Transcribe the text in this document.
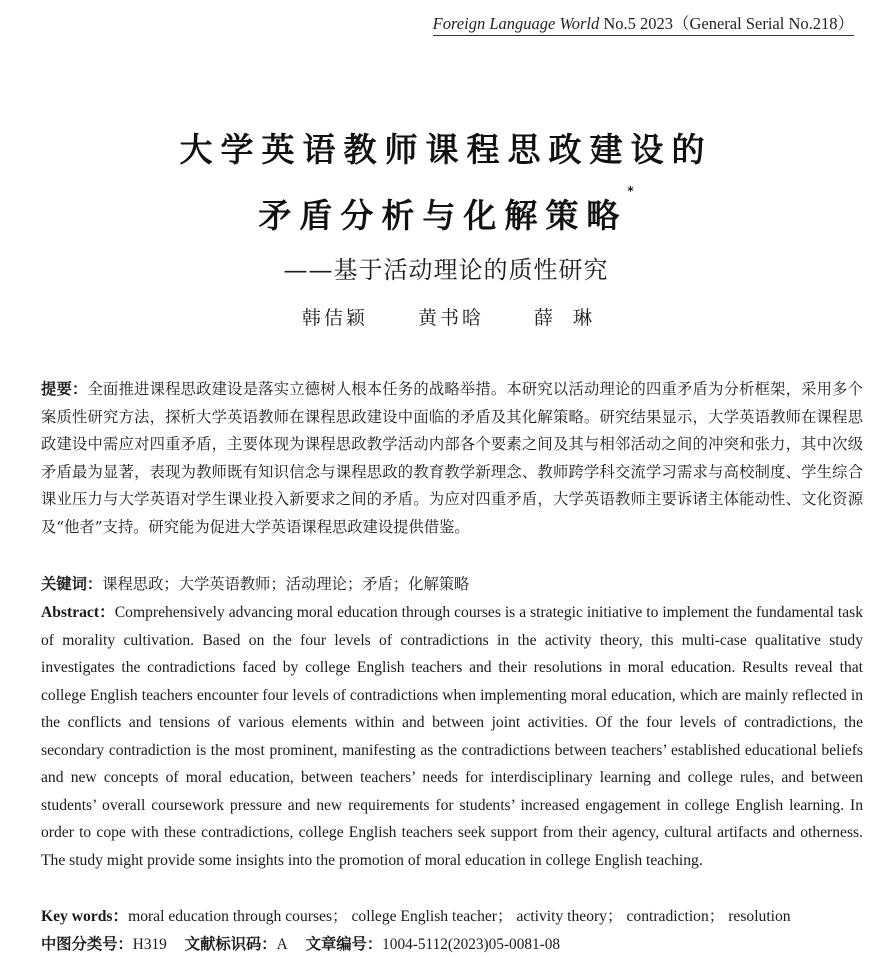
Foreign Language World No.5 2023（General Serial No.218）
大学英语教师课程思政建设的
矛盾分析与化解策略*
——基于活动理论的质性研究
韩佶颖	黄书晗	薛琳
提要：全面推进课程思政建设是落实立德树人根本任务的战略举措。本研究以活动理论的四重矛盾为分析框架，采用多个案质性研究方法，探析大学英语教师在课程思政建设中面临的矛盾及其化解策略。研究结果显示，大学英语教师在课程思政建设中需应对四重矛盾，主要体现为课程思政教学活动内部各个要素之间及其与相邻活动之间的冲突和张力，其中次级矛盾最为显著，表现为教师既有知识信念与课程思政的教育教学新理念、教师跨学科交流学习需求与高校制度、学生综合课业压力与大学英语对学生课业投入新要求之间的矛盾。为应对四重矛盾，大学英语教师主要诉诸主体能动性、文化资源及“他者”支持。研究能为促进大学英语课程思政建设提供借鉴。
关键词：课程思政；大学英语教师；活动理论；矛盾；化解策略
Abstract：Comprehensively advancing moral education through courses is a strategic initiative to implement the fundamental task of morality cultivation. Based on the four levels of contradictions in the activity theory, this multi-case qualitative study investigates the contradictions faced by college English teachers and their resolutions in moral education. Results reveal that college English teachers encounter four levels of contradictions when implementing moral education, which are mainly reflected in the conflicts and tensions of various elements within and between joint activities. Of the four levels of contradictions, the secondary contradiction is the most prominent, manifesting as the contradictions between teachers’ established educational beliefs and new concepts of moral education, between teachers’ needs for interdisciplinary learning and college rules, and between students’ overall coursework pressure and new requirements for students’ increased engagement in college English learning. In order to cope with these contradictions, college English teachers seek support from their agency, cultural artifacts and otherness. The study might provide some insights into the promotion of moral education in college English teaching.
Key words：moral education through courses； college English teacher； activity theory； contradiction； resolution
中图分类号：H319 文献标识码：A 文章编号：1004-5112(2023)05-0081-08
